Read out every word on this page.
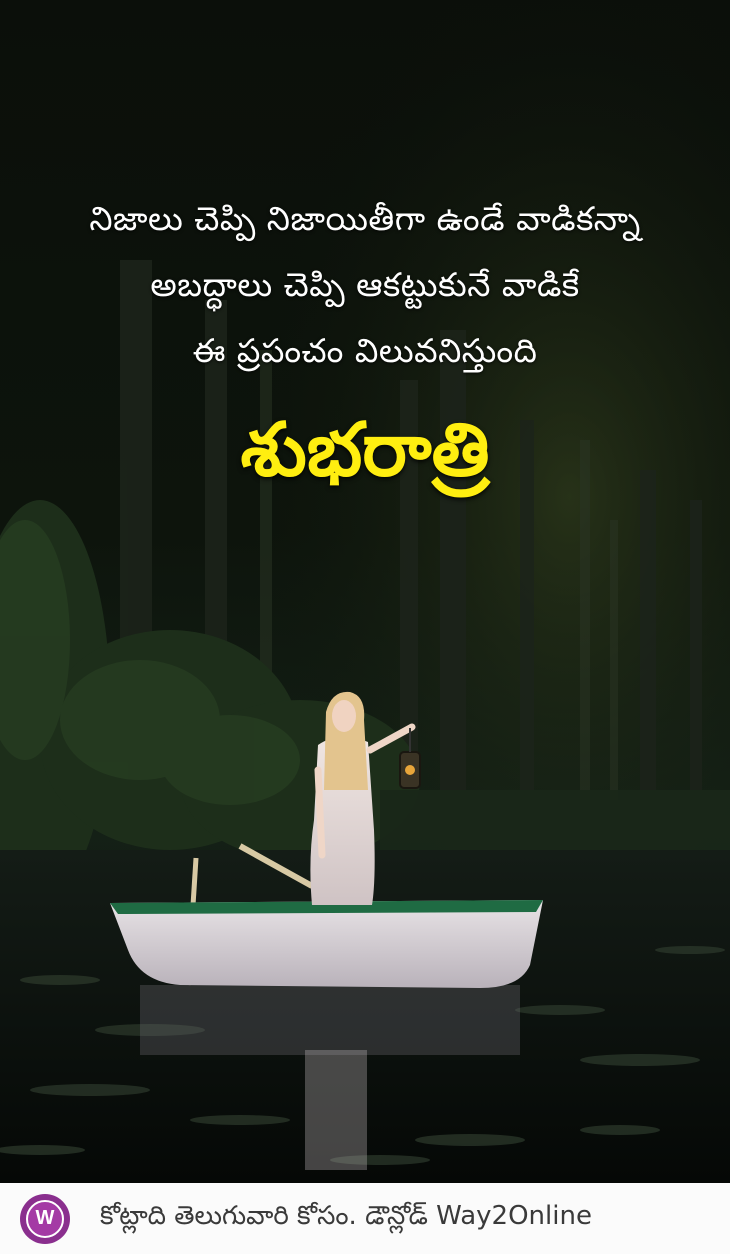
నిజాలు చెప్పి నిజాయితీగా ఉండే వాడికన్నా
అబద్ధాలు చెప్పి ఆకట్టుకునే వాడికే
ఈ ప్రపంచం విలువనిస్తుంది
శుభరాత్రి
W	కోట్లాది తెలుగువారి కోసం. డౌన్లోడ్ Way2Online
